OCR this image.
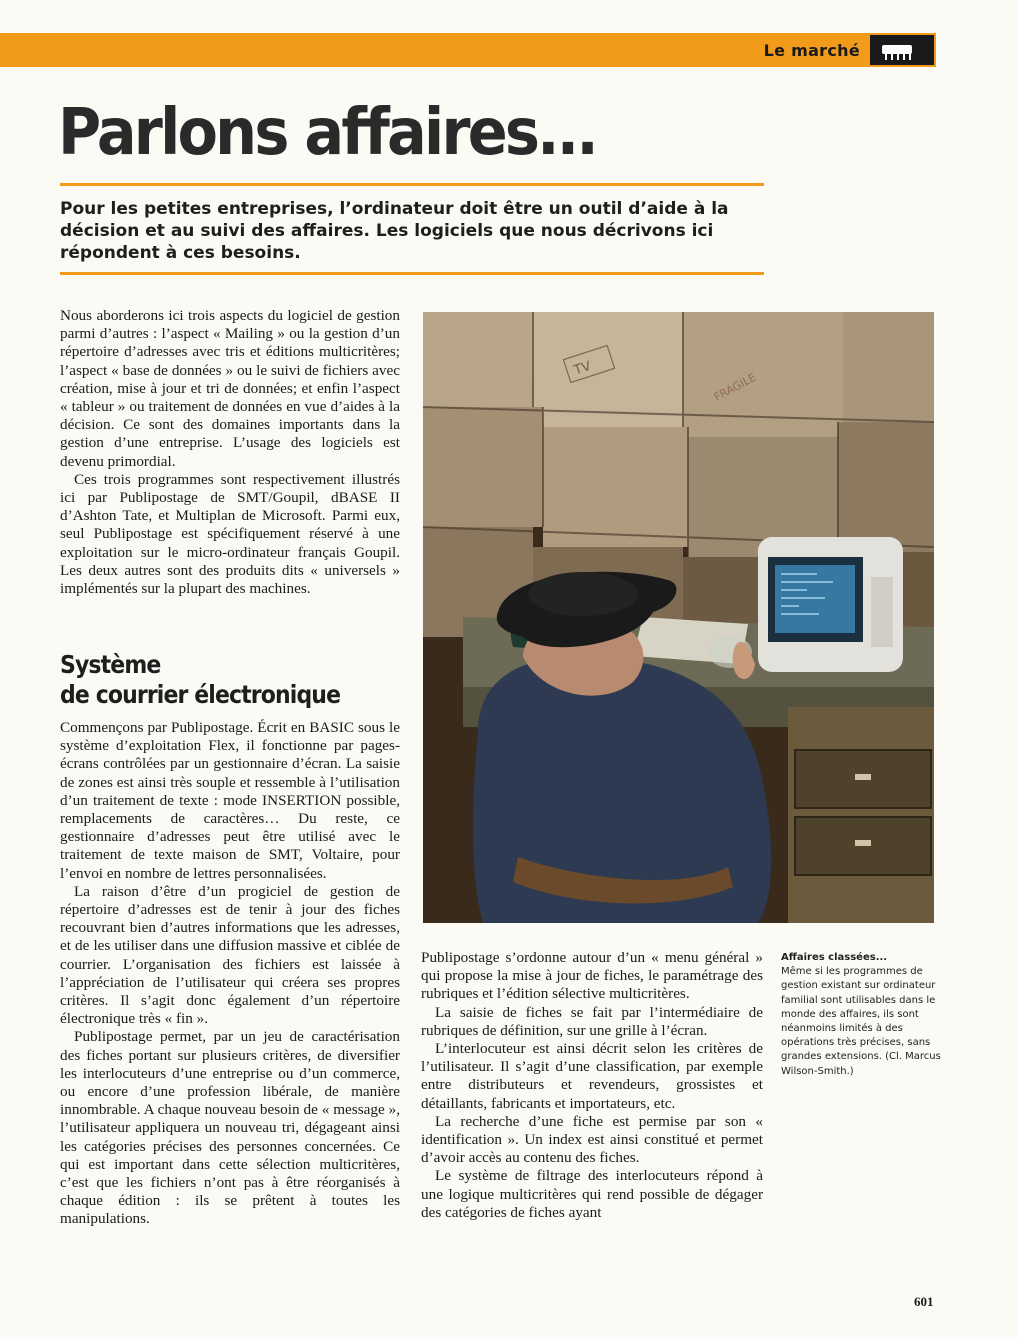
Le marché
Parlons affaires...

Pour les petites entreprises, l’ordinateur doit être un outil d’aide à la décision et au suivi des affaires. Les logiciels que nous décrivons ici répondent à ces besoins.

Nous aborderons ici trois aspects du logiciel de gestion parmi d’autres : l’aspect « Mailing » ou la gestion d’un répertoire d’adresses avec tris et éditions multicritères; l’aspect « base de données » ou le suivi de fichiers avec création, mise à jour et tri de données; et enfin l’aspect « tableur » ou traitement de données en vue d’aides à la décision. Ce sont des domaines importants dans la gestion d’une entreprise. L’usage des logiciels est devenu primordial.

Ces trois programmes sont respectivement illustrés ici par Publipostage de SMT/Goupil, dBASE II d’Ashton Tate, et Multiplan de Microsoft. Parmi eux, seul Publipostage est spécifiquement réservé à une exploitation sur le micro-ordinateur français Goupil. Les deux autres sont des produits dits « universels » implémentés sur la plupart des machines.

Système
de courrier électronique

Commençons par Publipostage. Écrit en BASIC sous le système d’exploitation Flex, il fonctionne par pages-écrans contrôlées par un gestionnaire d’écran. La saisie de zones est ainsi très souple et ressemble à l’utilisation d’un traitement de texte : mode INSERTION possible, remplacements de caractères… Du reste, ce gestionnaire d’adresses peut être utilisé avec le traitement de texte maison de SMT, Voltaire, pour l’envoi en nombre de lettres personnalisées.

La raison d’être d’un progiciel de gestion de répertoire d’adresses est de tenir à jour des fiches recouvrant bien d’autres informations que les adresses, et de les utiliser dans une diffusion massive et ciblée de courrier. L’organisation des fichiers est laissée à l’appréciation de l’utilisateur qui créera ses propres critères. Il s’agit donc également d’un répertoire électronique très « fin ».

Publipostage permet, par un jeu de caractérisation des fiches portant sur plusieurs critères, de diversifier les interlocuteurs d’une entreprise ou d’un commerce, ou encore d’une profession libérale, de manière innombrable. A chaque nouveau besoin de « message », l’utilisateur appliquera un nouveau tri, dégageant ainsi les catégories précises des personnes concernées. Ce qui est important dans cette sélection multicritères, c’est que les fichiers n’ont pas à être réorganisés à chaque édition : ils se prêtent à toutes les manipulations.

TV
FRAGILE

Publipostage s’ordonne autour d’un « menu général » qui propose la mise à jour de fiches, le paramétrage des rubriques et l’édition sélective multicritères.

La saisie de fiches se fait par l’intermédiaire de rubriques de définition, sur une grille à l’écran.

L’interlocuteur est ainsi décrit selon les critères de l’utilisateur. Il s’agit d’une classification, par exemple entre distributeurs et revendeurs, grossistes et détaillants, fabricants et importateurs, etc.

La recherche d’une fiche est permise par son « identification ». Un index est ainsi constitué et permet d’avoir accès au contenu des fiches.

Le système de filtrage des interlocuteurs répond à une logique multicritères qui rend possible de dégager des catégories de fiches ayant

Affaires classées...
Même si les programmes de gestion existant sur ordinateur familial sont utilisables dans le monde des affaires, ils sont néanmoins limités à des opérations très précises, sans grandes extensions. (Cl. Marcus Wilson-Smith.)

601
